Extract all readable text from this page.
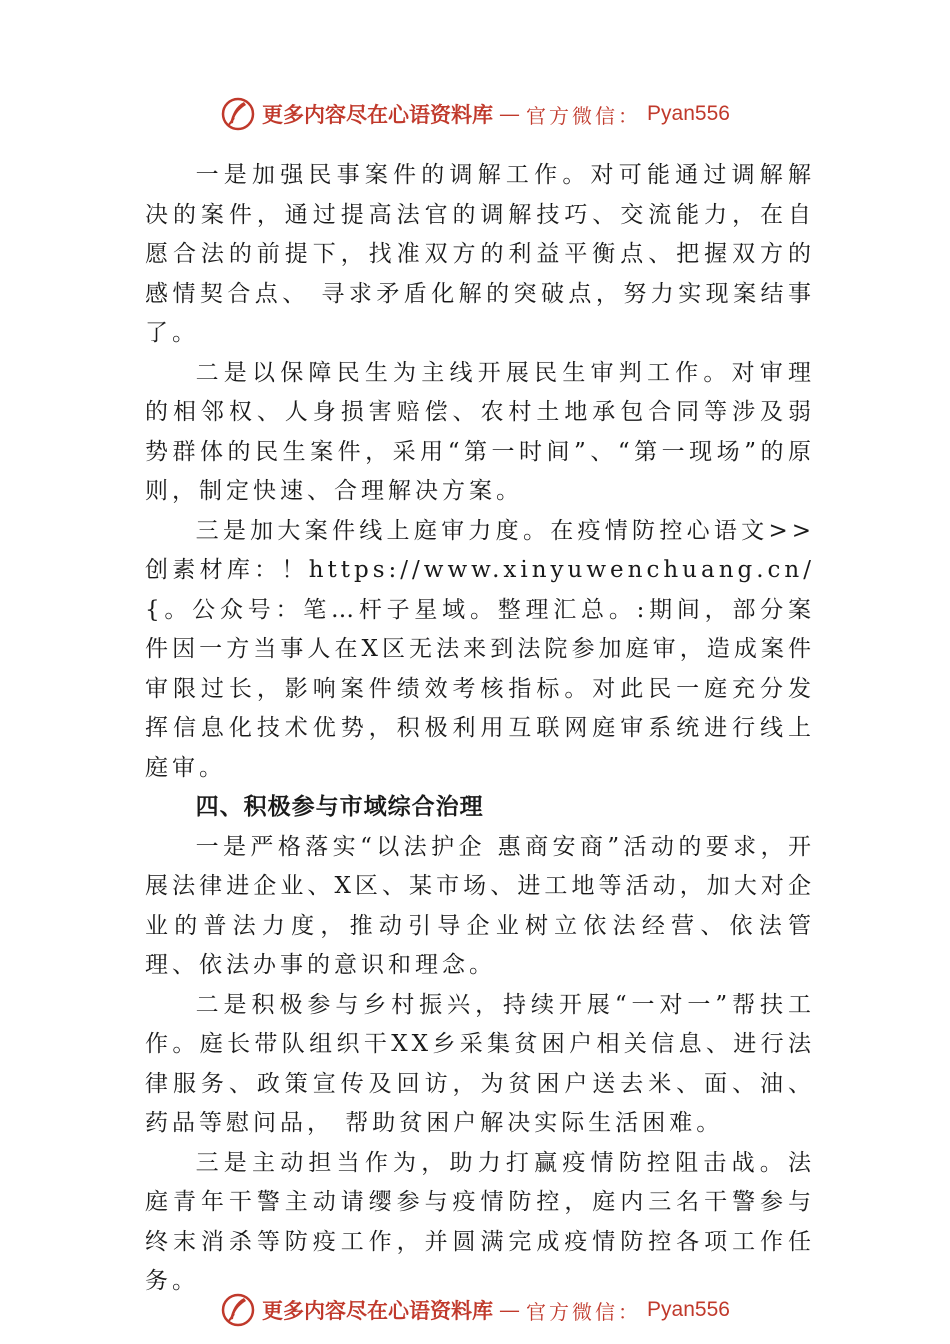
更多内容尽在心语资料库 — 官方微信： Pyan556

一是加强民事案件的调解工作。对可能通过调解解决的案件，通过提高法官的调解技巧、交流能力，在自愿合法的前提下，找准双方的利益平衡点、把握双方的感情契合点、 寻求矛盾化解的突破点，努力实现案结事了。

二是以保障民生为主线开展民生审判工作。对审理的相邻权、人身损害赔偿、农村土地承包合同等涉及弱势群体的民生案件，采用“第一时间”、“第一现场”的原则，制定快速、合理解决方案。

三是加大案件线上庭审力度。在疫情防控心语文>>创素材库：！https://www.xinyuwenchuang.cn/{。公众号：笔…杆子星域。整理汇总。:期间，部分案件因一方当事人在X区无法来到法院参加庭审，造成案件审限过长，影响案件绩效考核指标。对此民一庭充分发挥信息化技术优势，积极利用互联网庭审系统进行线上庭审。

四、积极参与市域综合治理

一是严格落实“以法护企 惠商安商”活动的要求，开展法律进企业、X区、某市场、进工地等活动，加大对企业的普法力度，推动引导企业树立依法经营、依法管理、依法办事的意识和理念。

二是积极参与乡村振兴，持续开展“一对一”帮扶工作。庭长带队组织干XX乡采集贫困户相关信息、进行法律服务、政策宣传及回访，为贫困户送去米、面、油、药品等慰问品， 帮助贫困户解决实际生活困难。

三是主动担当作为，助力打赢疫情防控阻击战。法庭青年干警主动请缨参与疫情防控，庭内三名干警参与终末消杀等防疫工作，并圆满完成疫情防控各项工作任务。

更多内容尽在心语资料库 — 官方微信： Pyan556
